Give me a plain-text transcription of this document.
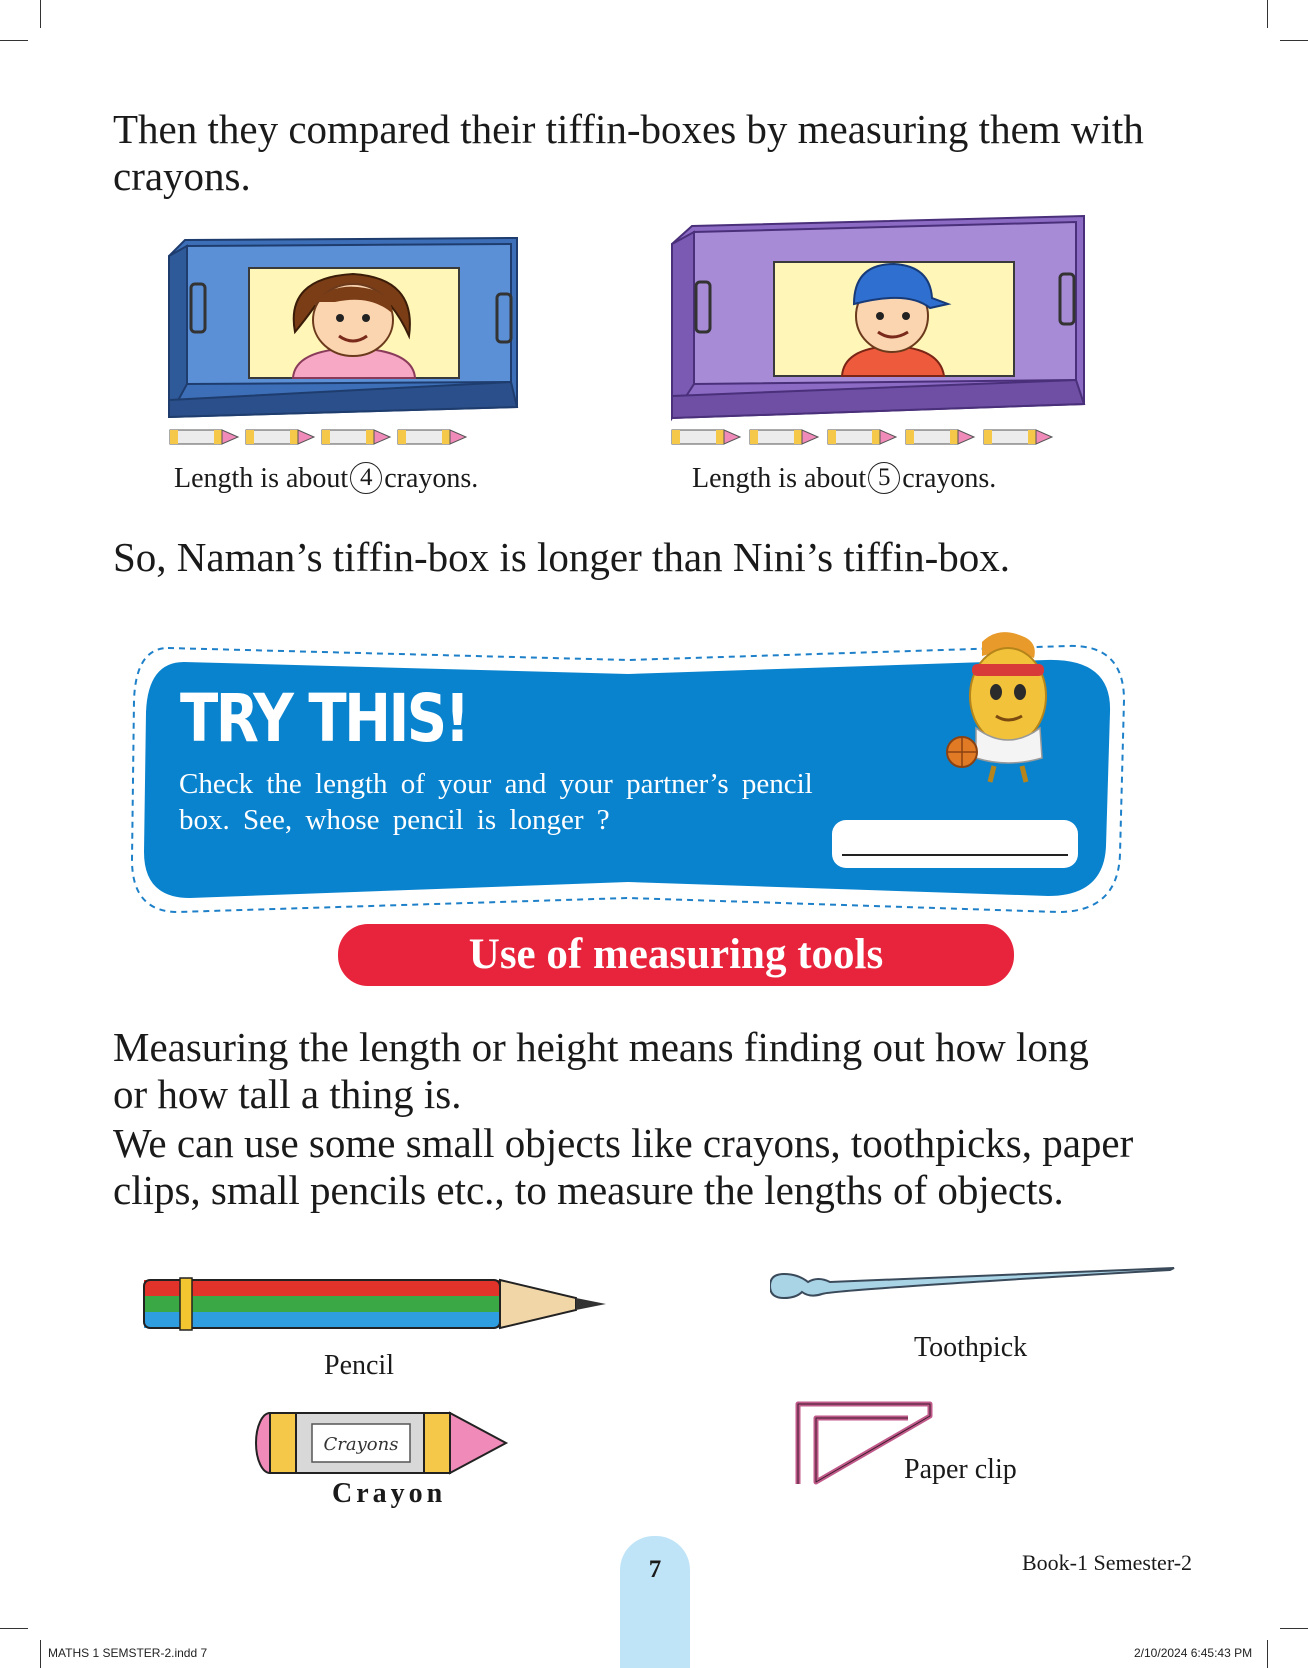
Then they compared their tiffin-boxes by measuring them with crayons.

Length is about 4 crayons.	Length is about 5 crayons.

So, Naman’s tiffin-box is longer than Nini’s tiffin-box.

TRY THIS!
Check the length of your and your partner’s pencil
box. See, whose pencil is longer ?
Use of measuring tools
Measuring the length or height means finding out how long
or how tall a thing is.
We can use some small objects like crayons, toothpicks, paper
clips, small pencils etc., to measure the lengths of objects.
Pencil
Crayons
Crayon
Toothpick
Paper clip
7	Book-1 Semester-2
MATHS 1 SEMSTER-2.indd 7	2/10/2024 6:45:43 PM
